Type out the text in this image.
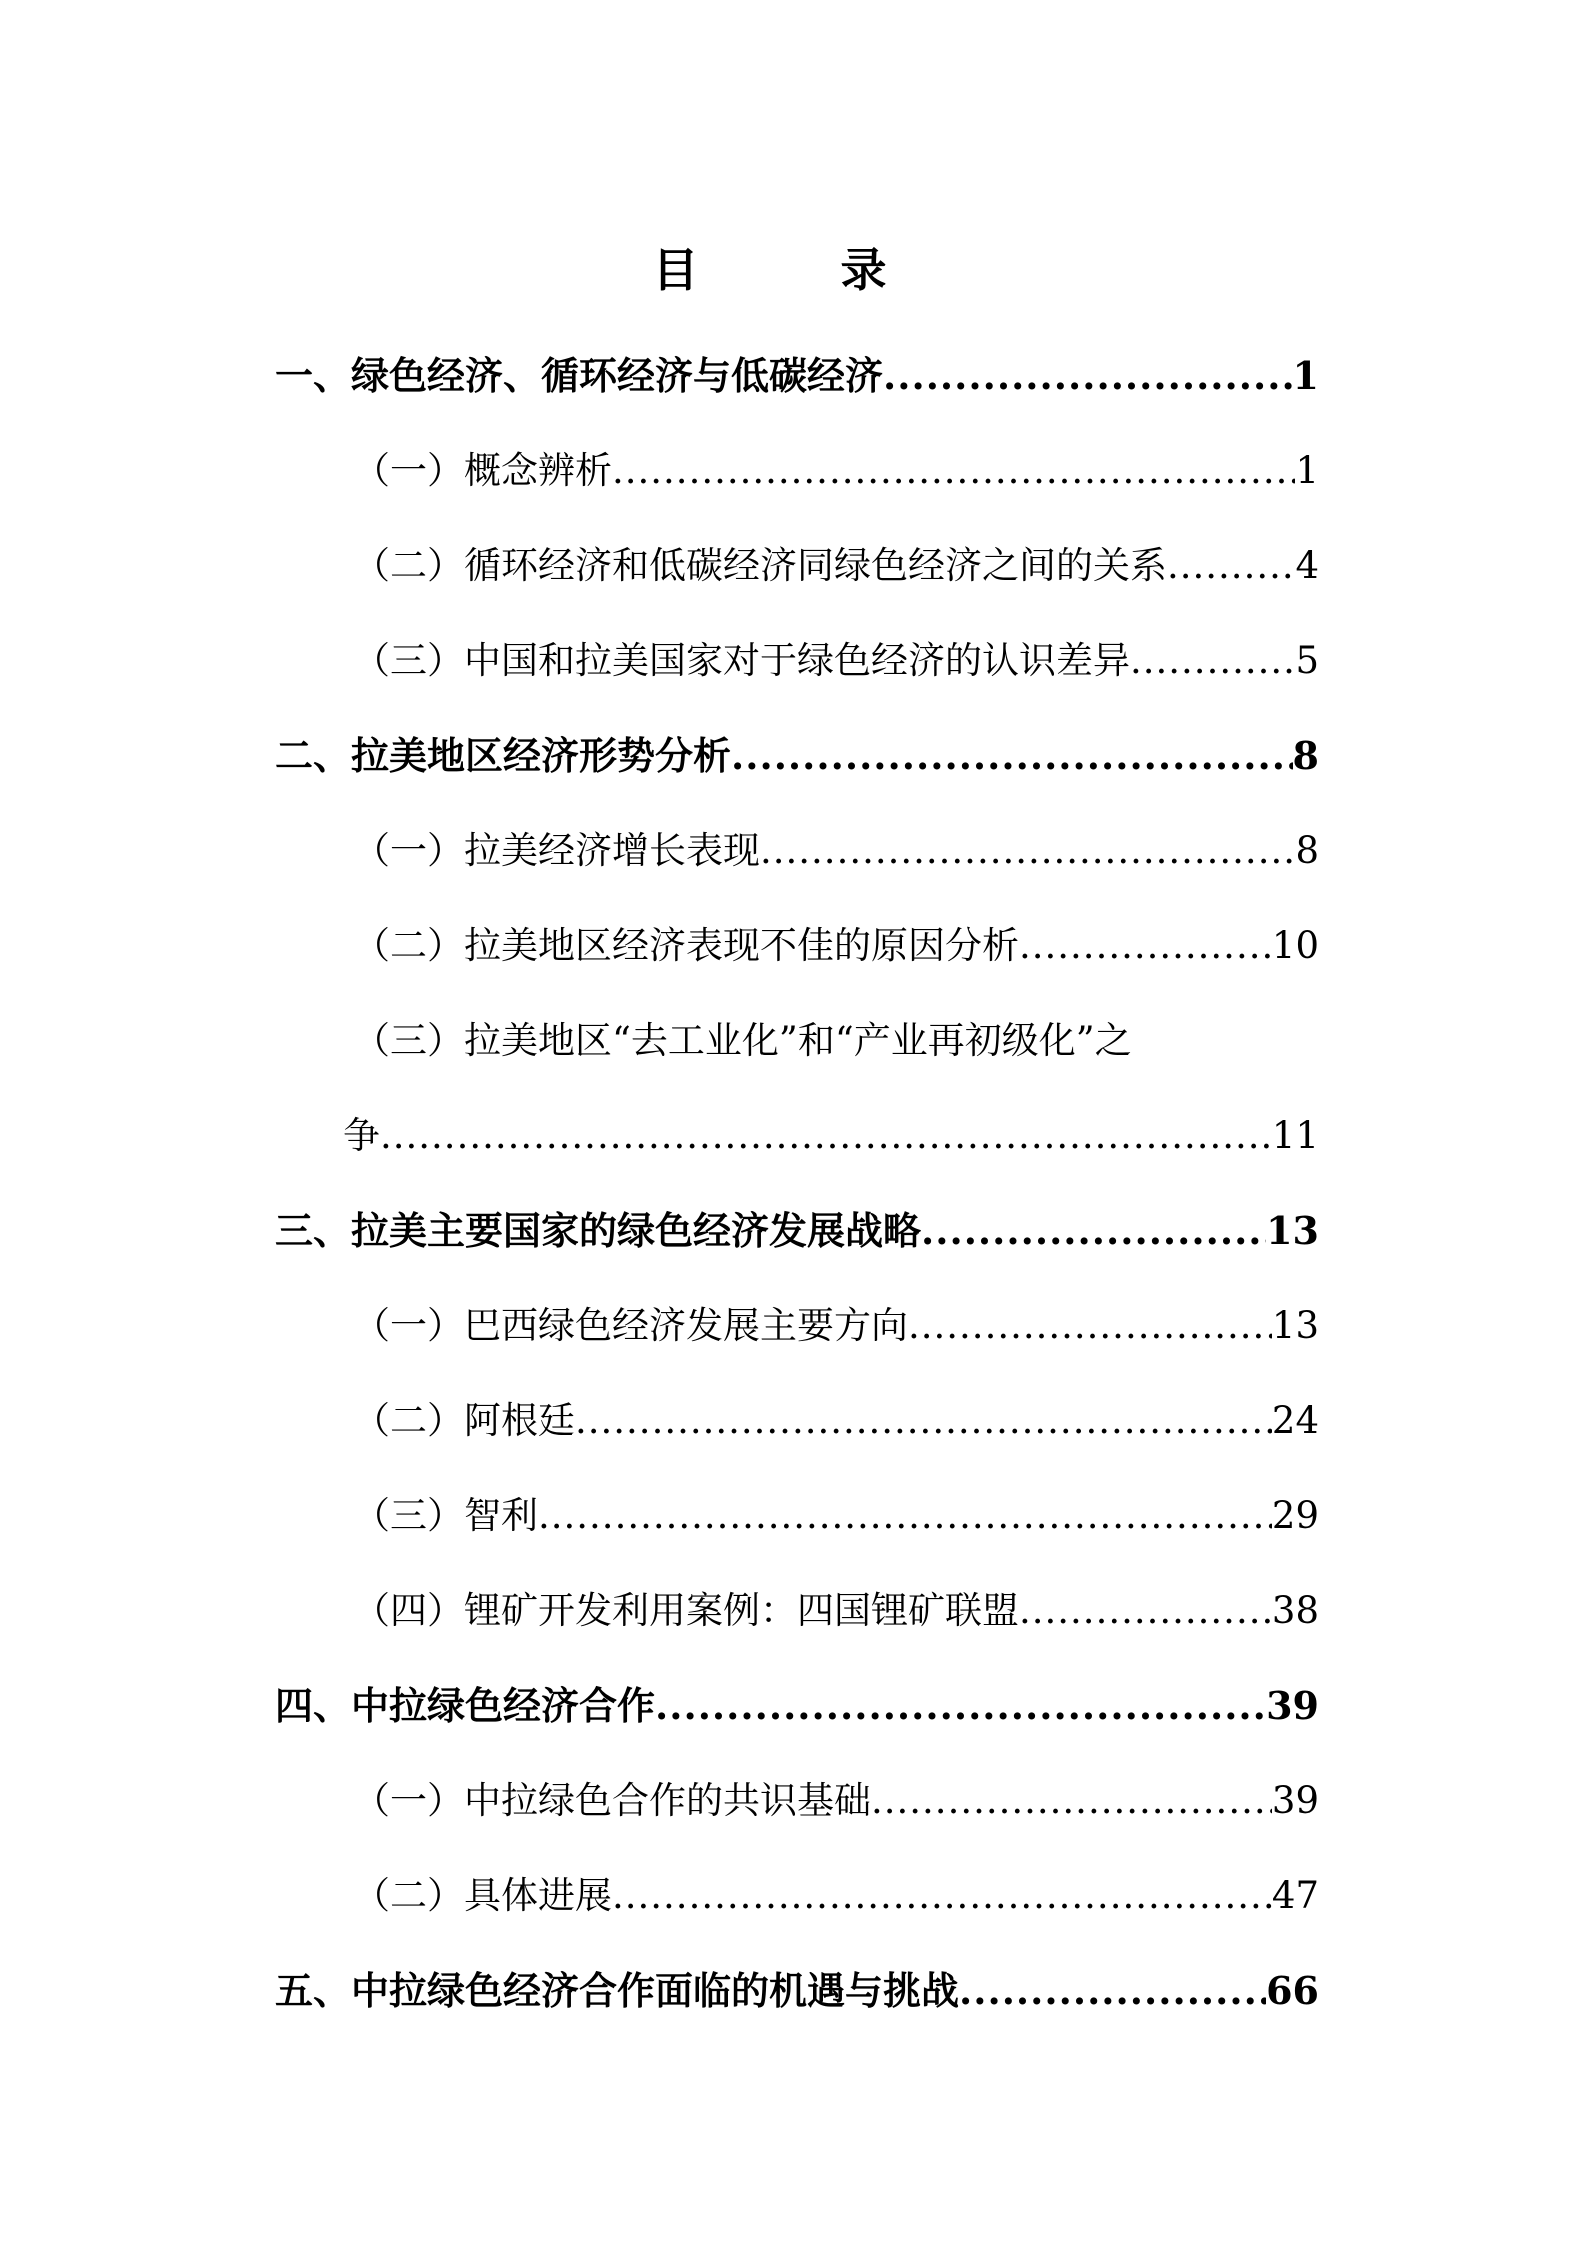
目　录
一、绿色经济、循环经济与低碳经济 .....	1
（一）概念辨析 .....	1
（二）循环经济和低碳经济同绿色经济之间的关系 .....	4
（三）中国和拉美国家对于绿色经济的认识差异 .....	5
二、拉美地区经济形势分析 .....	8
（一）拉美经济增长表现 .....	8
（二）拉美地区经济表现不佳的原因分析 .....	10
（三）拉美地区“去工业化”和“产业再初级化”之
争 .....	11
三、拉美主要国家的绿色经济发展战略 .....	13
（一）巴西绿色经济发展主要方向 .....	13
（二）阿根廷 .....	24
（三）智利 .....	29
（四）锂矿开发利用案例：四国锂矿联盟 .....	38
四、中拉绿色经济合作 .....	39
（一）中拉绿色合作的共识基础 .....	39
（二）具体进展 .....	47
五、中拉绿色经济合作面临的机遇与挑战 .....	66
